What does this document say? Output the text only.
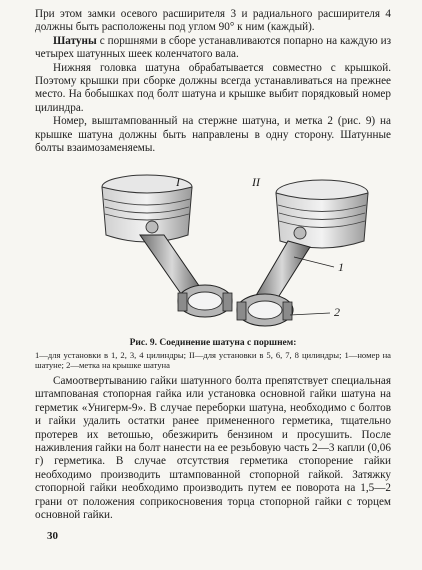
При этом замки осевого расширителя 3 и радиального расширителя 4 должны быть расположены под углом 90° к ним (каждый).

Шатуны с поршнями в сборе устанавливаются попарно на каждую из четырех шатунных шеек коленчатого вала.

Нижняя головка шатуна обрабатывается совместно с крышкой. Поэтому крышки при сборке должны всегда устанавливаться на прежнее место. На бобышках под болт шатуна и крышке выбит порядковый номер цилиндра.

Номер, выштампованный на стержне шатуна, и метка 2 (рис. 9) на крышке шатуна должны быть направлены в одну сторону. Шатунные болты взаимозаменяемы.

I	II
1
2
Рис. 9. Соединение шатуна с поршнем:
1—для установки в 1, 2, 3, 4 цилиндры; II—для установки в 5, 6, 7, 8 цилиндры; 1—номер на шатуне; 2—метка на крышке шатуна

Самоотвертыванию гайки шатунного болта препятствует специальная штампованая стопорная гайка или установка основной гайки шатуна на герметик «Унигерм-9». В случае переборки шатуна, необходимо с болтов и гайки удалить остатки ранее примененного герметика, тщательно протерев их ветошью, обезжирить бензином и просушить. После наживления гайки на болт нанести на ее резьбовую часть 2—3 капли (0,06 г) герметика. В случае отсутствия герметика стопорение гайки необходимо производить штампованной стопорной гайкой. Затяжку стопорной гайки необходимо производить путем ее поворота на 1,5—2 грани от положения соприкосновения торца стопорной гайки с торцем основной гайки.

30
